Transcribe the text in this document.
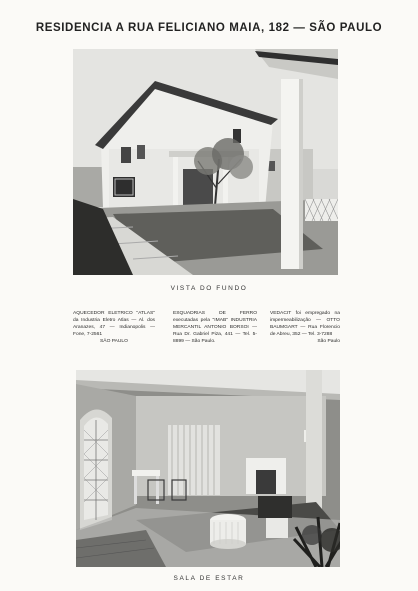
RESIDENCIA A RUA FELICIANO MAIA, 182 — SÃO PAULO
VISTA DO FUNDO
AQUECEDOR ELETRICO "ATLAS" da Industria Eletro Atlas — Al. dos Aranazes, 47 — Indianopolis — Fone, 7-2561
SÃO PAULO
ESQUADRIAS DE FERRO executadas pela "IMAB" INDUSTRIA MERCANTIL ANTONIO BORSOI — Rua Dr. Gabriel Piza, 441 — Tel. 5-8899 — São Paulo.
VEDACIT foi empregado na impermeabilização — OTTO BAUMGART — Rua Florencio de Abreu, 352 — Tel. 3-7288
São Paulo
SALA DE ESTAR
